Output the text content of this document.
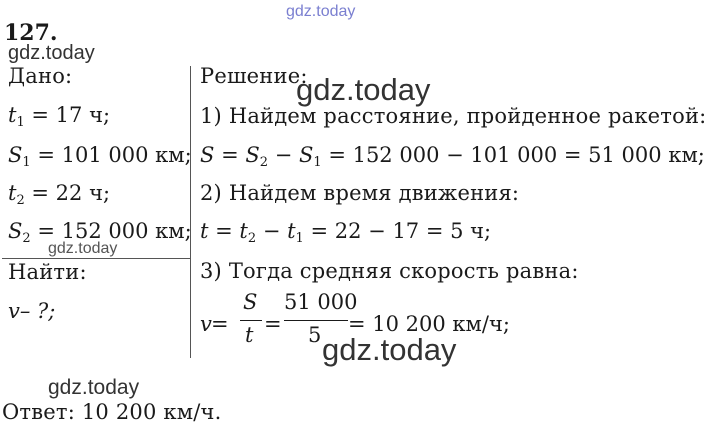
gdz.today
gdz.today
gdz.today
gdz.today
gdz.today
gdz.today
127.
Дано:
$t_1 = 17$ ч;
$S_1 = 101$ 000 км;
$t_2 = 22$ ч;
$S_2 = 152$ 000 км;
Найти:
v– ?;
Решение:
1) Найдем расстояние, пройденное ракетой:
$S = S_2 - S_1 = 152$ 000 − 101 000 = 51 000 км;
2) Найдем время движения:
$t = t_2 - t_1 = 22 - 17 = 5$ ч;
3) Тогда средняя скорость равна:
v =
S
t =
51 000
5 = 10 200 км/ч;
Ответ: 10 200 км/ч.
